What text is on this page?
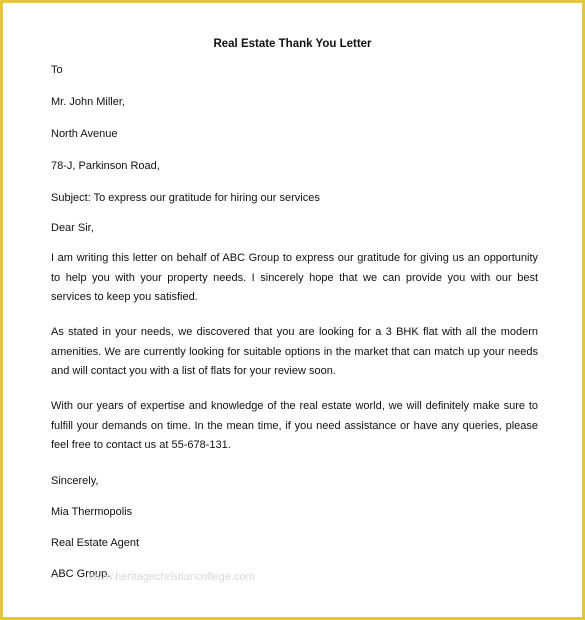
Real Estate Thank You Letter
To
Mr. John Miller,
North Avenue
78-J, Parkinson Road,
Subject: To express our gratitude for hiring our services
Dear Sir,
I am writing this letter on behalf of ABC Group to express our gratitude for giving us an opportunity to help you with your property needs. I sincerely hope that we can provide you with our best services to keep you satisfied.
As stated in your needs, we discovered that you are looking for a 3 BHK flat with all the modern amenities. We are currently looking for suitable options in the market that can match up your needs and will contact you with a list of flats for your review soon.
With our years of expertise and knowledge of the real estate world, we will definitely make sure to fulfill your demands on time. In the mean time, if you need assistance or have any queries, please feel free to contact us at 55-678-131.
Sincerely,
Mia Thermopolis
Real Estate Agent
ABC Group.
www.heritagechristiancollege.com
